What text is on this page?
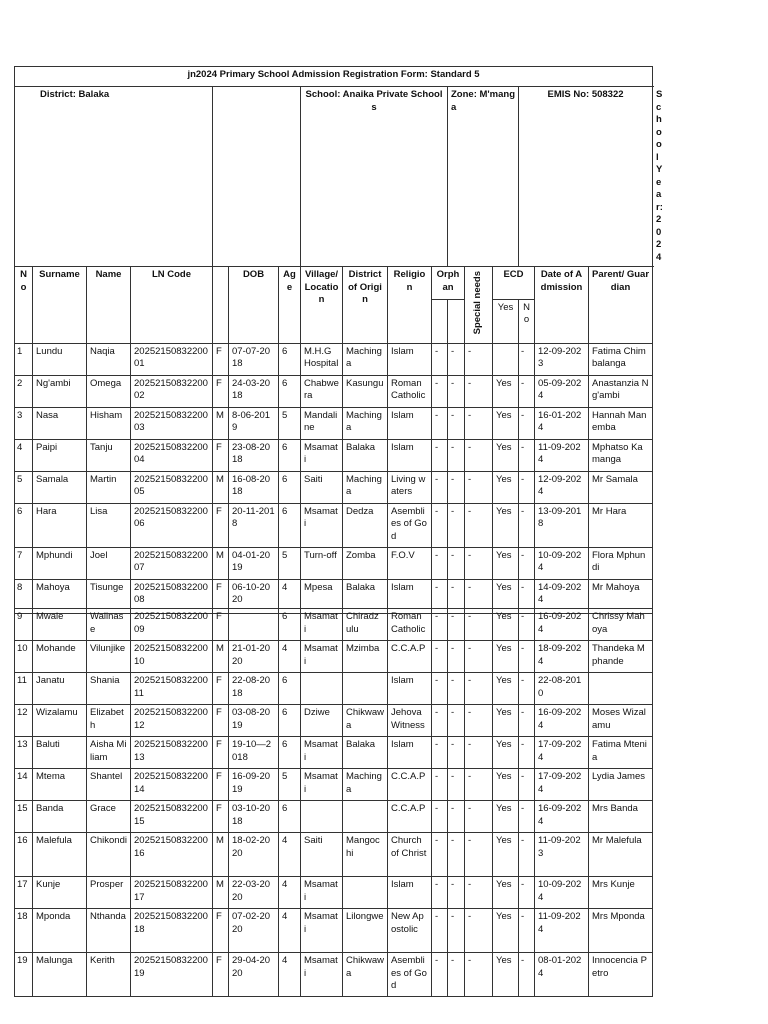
jn2024 Primary School Admission Registration Form: Standard 5																	
District: Balaka							School: Anaika Private Schools				Zone: M'manga			EMIS No: 508322			School Year: 2024
No	Surname	Name	LN Code		DOB	Age	Village/ Location	District of Origin	Religion	Orphan		Special needs	ECD		Date of Admission	Parent/ Guardian	
													Yes	No			
1	Lundu	Naqia	2025215083220001	F	07-07-2018	6	M.H.G Hospital	Machinga	Islam	-	-	-		-	12-09-2023	Fatima Chimbalanga	
2	Ng'ambi	Omega	2025215083220002	F	24-03-2018	6	Chabwera	Kasungu	Roman Catholic	-	-	-	Yes	-	05-09-2024	Anastanzia Ng'ambi	
3	Nasa	Hisham	2025215083220003	M	8-06-2019	5	Mandaline	Machinga	Islam	-	-	-	Yes	-	16-01-2024	Hannah Manemba	
4	Paipi	Tanju	2025215083220004	F	23-08-2018	6	Msamati	Balaka	Islam	-	-	-	Yes	-	11-09-2024	Mphatso Kamanga	
5	Samala	Martin	2025215083220005	M	16-08-2018	6	Saiti	Machinga	Living waters	-	-	-	Yes	-	12-09-2024	Mr Samala	
6	Hara	Lisa	2025215083220006	F	20-11-2018	6	Msamati	Dedza	Asemblies of God	-	-	-	Yes	-	13-09-2018	Mr Hara	
7	Mphundi	Joel	2025215083220007	M	04-01-2019	5	Turn-off	Zomba	F.O.V	-	-	-	Yes	-	10-09-2024	Flora Mphundi	
8	Mahoya	Tisunge	2025215083220008	F	06-10-2020	4	Mpesa	Balaka	Islam	-	-	-	Yes	-	14-09-2024	Mr Mahoya	
9	Mwale	Walinase	2025215083220009	F		6	Msamati	Chiradzulu	Roman Catholic	-	-	-	Yes	-	16-09-2024	Chrissy Mahoya
10	Mohande	Vilunjike	2025215083220010	M	21-01-2020	4	Msamati	Mzimba	C.C.A.P	-	-	-	Yes	-	18-09-2024	Thandeka Mphande
11	Janatu	Shania	2025215083220011	F	22-08-2018	6			Islam	-	-	-	Yes	-	22-08-2010	
12	Wizalamu	Elizabeth	2025215083220012	F	03-08-2019	6	Dziwe	Chikwawa	Jehova Witness	-	-	-	Yes	-	16-09-2024	Moses Wizalamu
13	Baluti	Aisha Miliam	2025215083220013	F	19-10—2018	6	Msamati	Balaka	Islam	-	-	-	Yes	-	17-09-2024	Fatima Mtenia
14	Mtema	Shantel	2025215083220014	F	16-09-2019	5	Msamati	Machinga	C.C.A.P	-	-	-	Yes	-	17-09-2024	Lydia James
15	Banda	Grace	2025215083220015	F	03-10-2018	6			C.C.A.P	-	-	-	Yes	-	16-09-2024	Mrs Banda
16	Malefula	Chikondi	2025215083220016	M	18-02-2020	4	Saiti	Mangochi	Church of Christ	-	-	-	Yes	-	11-09-2023	Mr Malefula
17	Kunje	Prosper	2025215083220017	M	22-03-2020	4	Msamati		Islam	-	-	-	Yes	-	10-09-2024	Mrs Kunje
18	Mponda	Nthanda	2025215083220018	F	07-02-2020	4	Msamati	Lilongwe	New Apostolic	-	-	-	Yes	-	11-09-2024	Mrs Mponda
19	Malunga	Kerith	2025215083220019	F	29-04-2020	4	Msamati	Chikwawa	Asemblies of God	-	-	-	Yes	-	08-01-2024	Innocencia Petro
